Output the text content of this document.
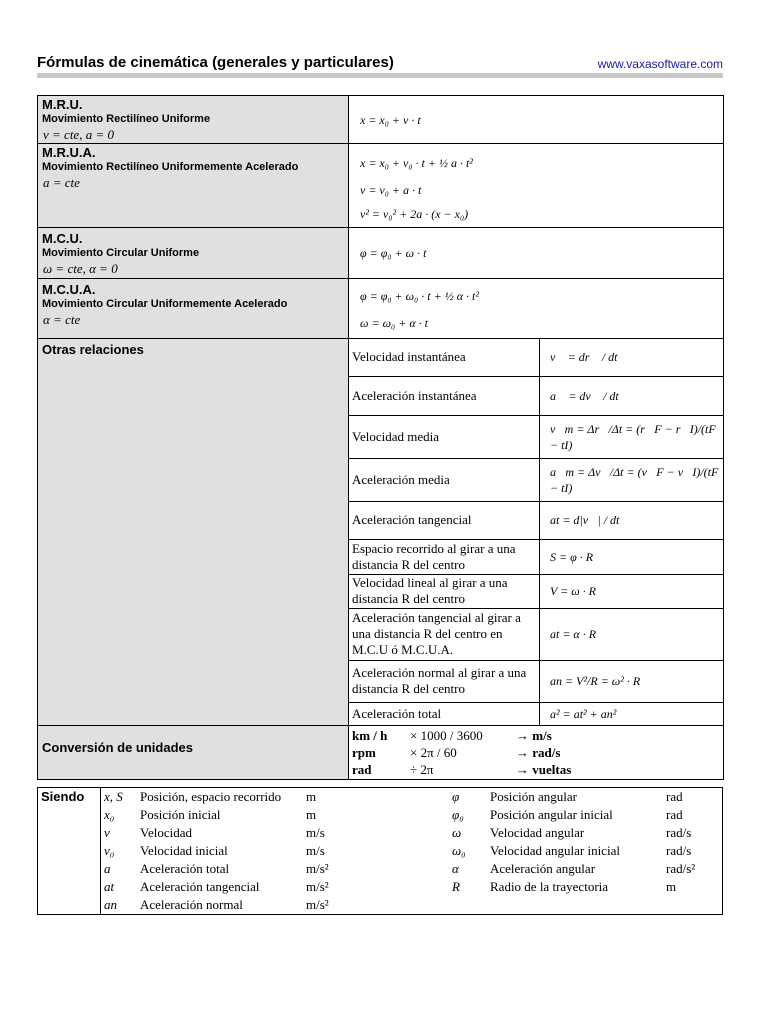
Fórmulas de cinemática (generales y particulares)	www.vaxasoftware.com
M.R.U.
Movimiento Rectilíneo Uniforme
v = cte, a = 0

x = x₀ + v · t

M.R.U.A.
Movimiento Rectilíneo Uniformemente Acelerado
a = cte

x = x₀ + v₀ · t + ½ a · t²
v = v₀ + a · t
v² = v₀² + 2a · (x − x₀)

M.C.U.
Movimiento Circular Uniforme
ω = cte, α = 0

φ = φ₀ + ω · t

M.C.U.A.
Movimiento Circular Uniformemente Acelerado
α = cte

φ = φ₀ + ω₀ · t + ½ α · t²
ω = ω₀ + α · t

Otras relaciones
		Velocidad instantánea	v⃗ = dr⃗ / dt
Aceleración instantánea	a⃗ = dv⃗ / dt
Velocidad media	v⃗m = Δr⃗/Δt = (r⃗F − r⃗I)/(tF − tI)
Aceleración media	a⃗m = Δv⃗/Δt = (v⃗F − v⃗I)/(tF − tI)
Aceleración tangencial	at = d|v⃗| / dt
Espacio recorrido al girar a una distancia R del centro	S = φ · R
Velocidad lineal al girar a una distancia R del centro	V = ω · R
Aceleración tangencial al girar a una distancia R del centro en M.C.U ó M.C.U.A.	at = α · R
Aceleración normal al girar a una distancia R del centro	an = V²/R = ω² · R
Aceleración total	a² = at² + an²

Conversión de unidades

km / h	× 1000 / 3600	→ m/s
rpm	× 2π / 60	→ rad/s
rad	÷ 2π	→ vueltas
Siendo	x, S	Posición, espacio recorrido	m	φ	Posición angular	rad
	x₀	Posición inicial	m	φ₀	Posición angular inicial	rad
	v	Velocidad	m/s	ω	Velocidad angular	rad/s
	v₀	Velocidad inicial	m/s	ω₀	Velocidad angular inicial	rad/s
	a	Aceleración total	m/s²	α	Aceleración angular	rad/s²
	at	Aceleración tangencial	m/s²	R	Radio de la trayectoria	m
	an	Aceleración normal	m/s²			
